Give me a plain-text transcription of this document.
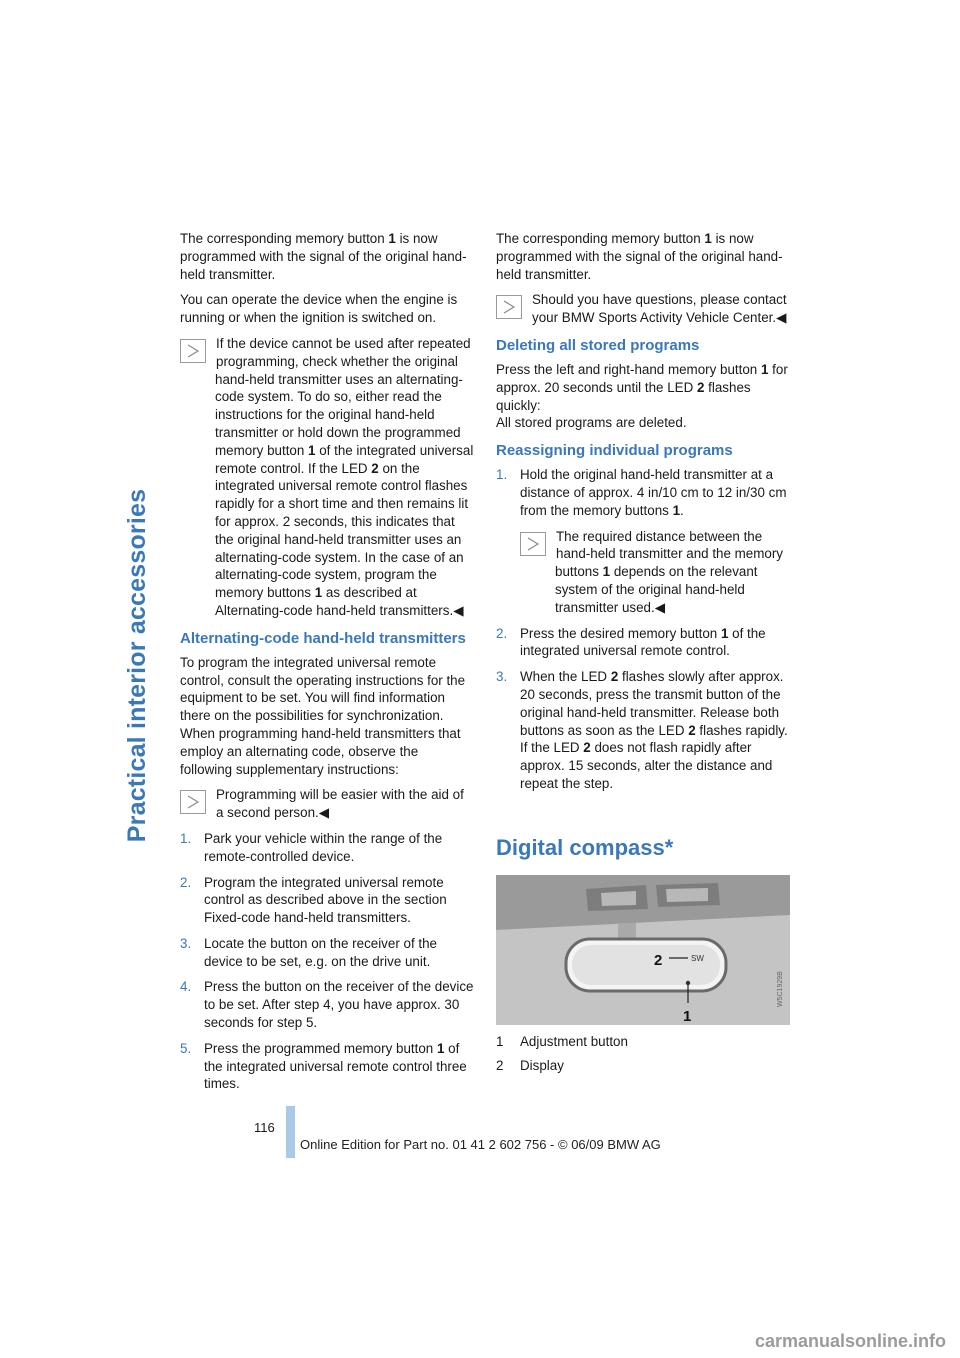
Practical interior accessories

The corresponding memory button 1 is now programmed with the signal of the original hand-held transmitter.

You can operate the device when the engine is running or when the ignition is switched on.

If the device cannot be used after repeated programming, check whether the original hand-held transmitter uses an alternating-code system. To do so, either read the instructions for the original hand-held transmitter or hold down the programmed memory button 1 of the integrated universal remote control. If the LED 2 on the integrated universal remote control flashes rapidly for a short time and then remains lit for approx. 2 seconds, this indicates that the original hand-held transmitter uses an alternating-code system. In the case of an alternating-code system, program the memory buttons 1 as described at Alternating-code hand-held transmitters.◀
Alternating-code hand-held transmitters

To program the integrated universal remote control, consult the operating instructions for the equipment to be set. You will find information there on the possibilities for synchronization.

When programming hand-held transmitters that employ an alternating code, observe the following supplementary instructions:

Programming will be easier with the aid of a second person.◀
1. Park your vehicle within the range of the remote-controlled device.
2. Program the integrated universal remote control as described above in the section Fixed-code hand-held transmitters.
3. Locate the button on the receiver of the device to be set, e.g. on the drive unit.
4. Press the button on the receiver of the device to be set. After step 4, you have approx. 30 seconds for step 5.
5. Press the programmed memory button 1 of the integrated universal remote control three times.

The corresponding memory button 1 is now programmed with the signal of the original hand-held transmitter.

Should you have questions, please contact your BMW Sports Activity Vehicle Center.◀
Deleting all stored programs

Press the left and right-hand memory button 1 for approx. 20 seconds until the LED 2 flashes quickly:

All stored programs are deleted.

Reassigning individual programs
1. Hold the original hand-held transmitter at a distance of approx. 4 in/10 cm to 12 in/30 cm from the memory buttons 1.
The required distance between the hand-held transmitter and the memory buttons 1 depends on the relevant system of the original hand-held transmitter used.◀
2. Press the desired memory button 1 of the integrated universal remote control.
3. When the LED 2 flashes slowly after approx. 20 seconds, press the transmit button of the original hand-held transmitter. Release both buttons as soon as the LED 2 flashes rapidly. If the LED 2 does not flash rapidly after approx. 15 seconds, alter the distance and repeat the step.
Digital compass*
SW
2
1
W5C1929B
1	Adjustment button
2	Display
116
Online Edition for Part no. 01 41 2 602 756 - © 06/09 BMW AG
carmanualsonline.info
